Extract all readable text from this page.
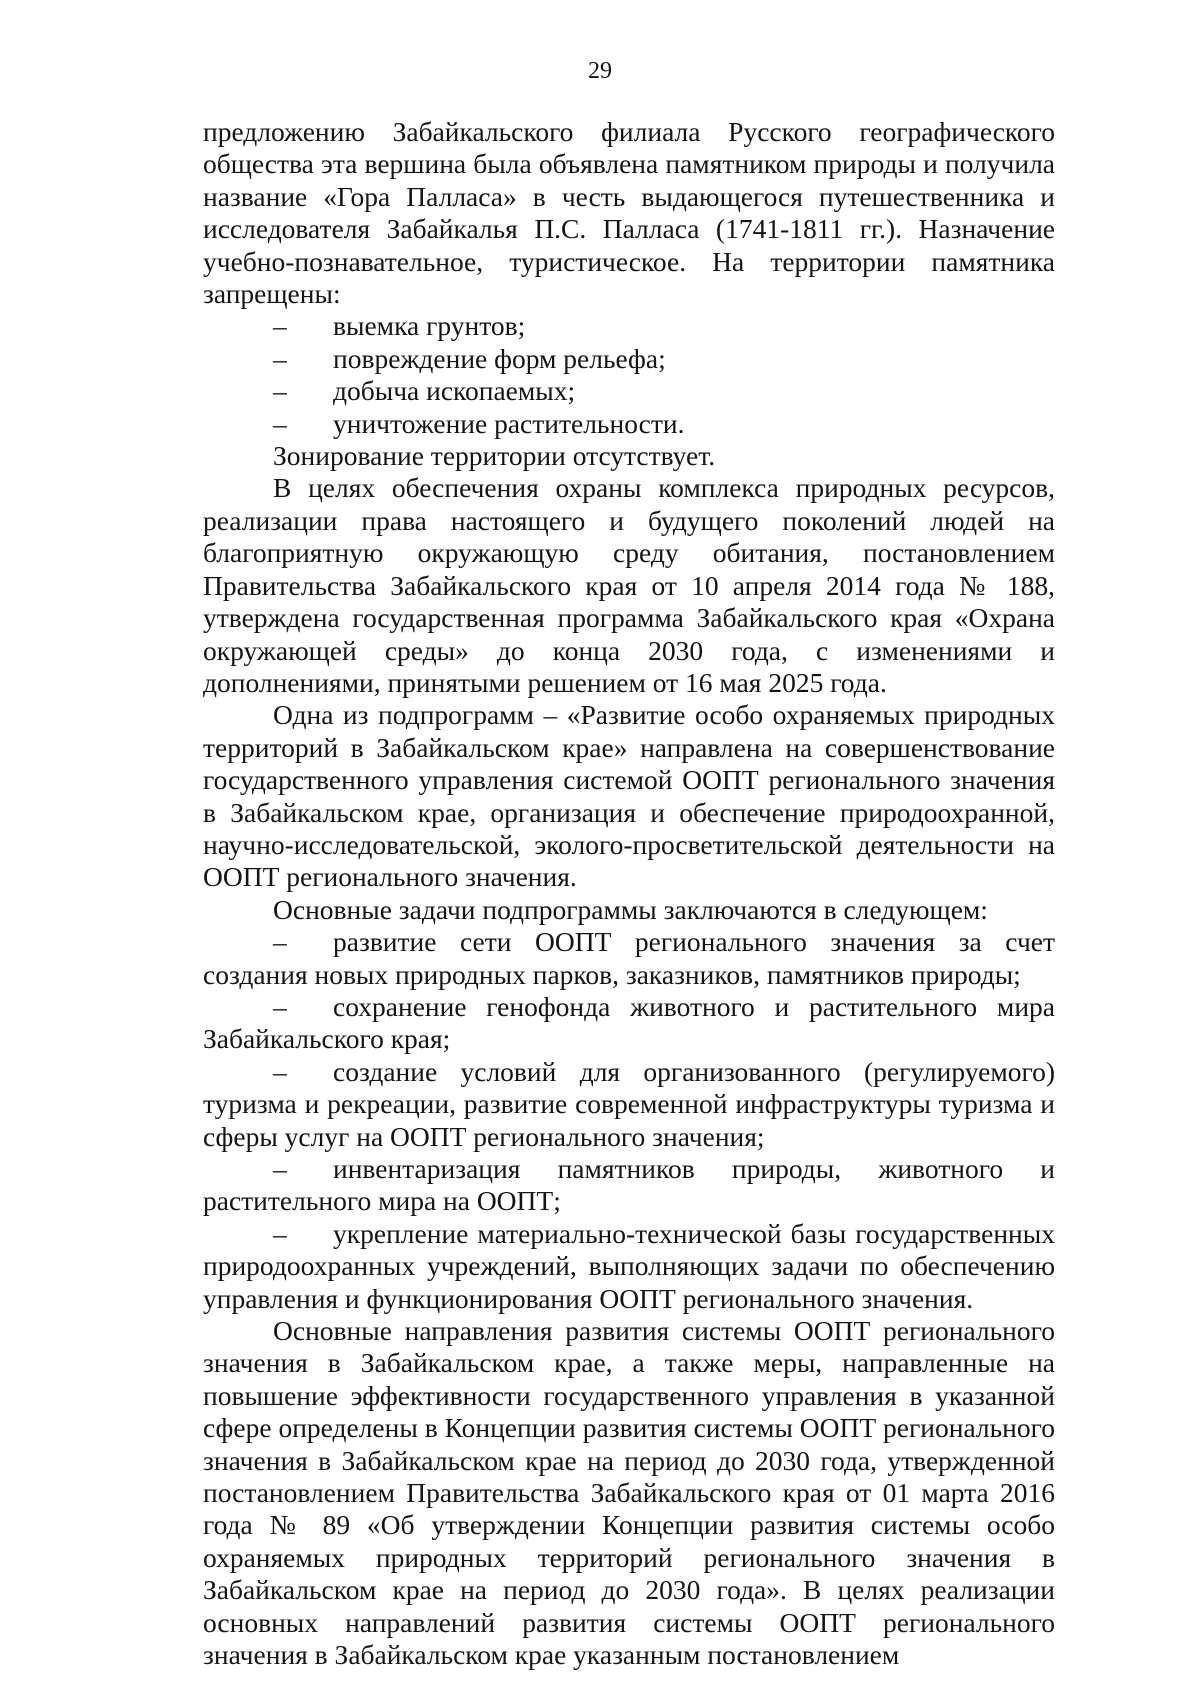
29
предложению Забайкальского филиала Русского географического общества эта вершина была объявлена памятником природы и получила название «Гора Палласа» в честь выдающегося путешественника и исследователя Забайкалья П.С. Палласа (1741-1811 гг.). Назначение учебно-познавательное, туристическое. На территории памятника запрещены:
– выемка грунтов;
– повреждение форм рельефа;
– добыча ископаемых;
– уничтожение растительности.
Зонирование территории отсутствует.
В целях обеспечения охраны комплекса природных ресурсов, реализации права настоящего и будущего поколений людей на благоприятную окружающую среду обитания, постановлением Правительства Забайкальского края от 10 апреля 2014 года № 188, утверждена государственная программа Забайкальского края «Охрана окружающей среды» до конца 2030 года, с изменениями и дополнениями, принятыми решением от 16 мая 2025 года.
Одна из подпрограмм – «Развитие особо охраняемых природных территорий в Забайкальском крае» направлена на совершенствование государственного управления системой ООПТ регионального значения в Забайкальском крае, организация и обеспечение природоохранной, научно-исследовательской, эколого-просветительской деятельности на ООПТ регионального значения.
Основные задачи подпрограммы заключаются в следующем:
– развитие сети ООПТ регионального значения за счет создания новых природных парков, заказников, памятников природы;
– сохранение генофонда животного и растительного мира Забайкальского края;
– создание условий для организованного (регулируемого) туризма и рекреации, развитие современной инфраструктуры туризма и сферы услуг на ООПТ регионального значения;
– инвентаризация памятников природы, животного и растительного мира на ООПТ;
– укрепление материально-технической базы государственных природоохранных учреждений, выполняющих задачи по обеспечению управления и функционирования ООПТ регионального значения.
Основные направления развития системы ООПТ регионального значения в Забайкальском крае, а также меры, направленные на повышение эффективности государственного управления в указанной сфере определены в Концепции развития системы ООПТ регионального значения в Забайкальском крае на период до 2030 года, утвержденной постановлением Правительства Забайкальского края от 01 марта 2016 года № 89 «Об утверждении Концепции развития системы особо охраняемых природных территорий регионального значения в Забайкальском крае на период до 2030 года». В целях реализации основных направлений развития системы ООПТ регионального значения в Забайкальском крае указанным постановлением
